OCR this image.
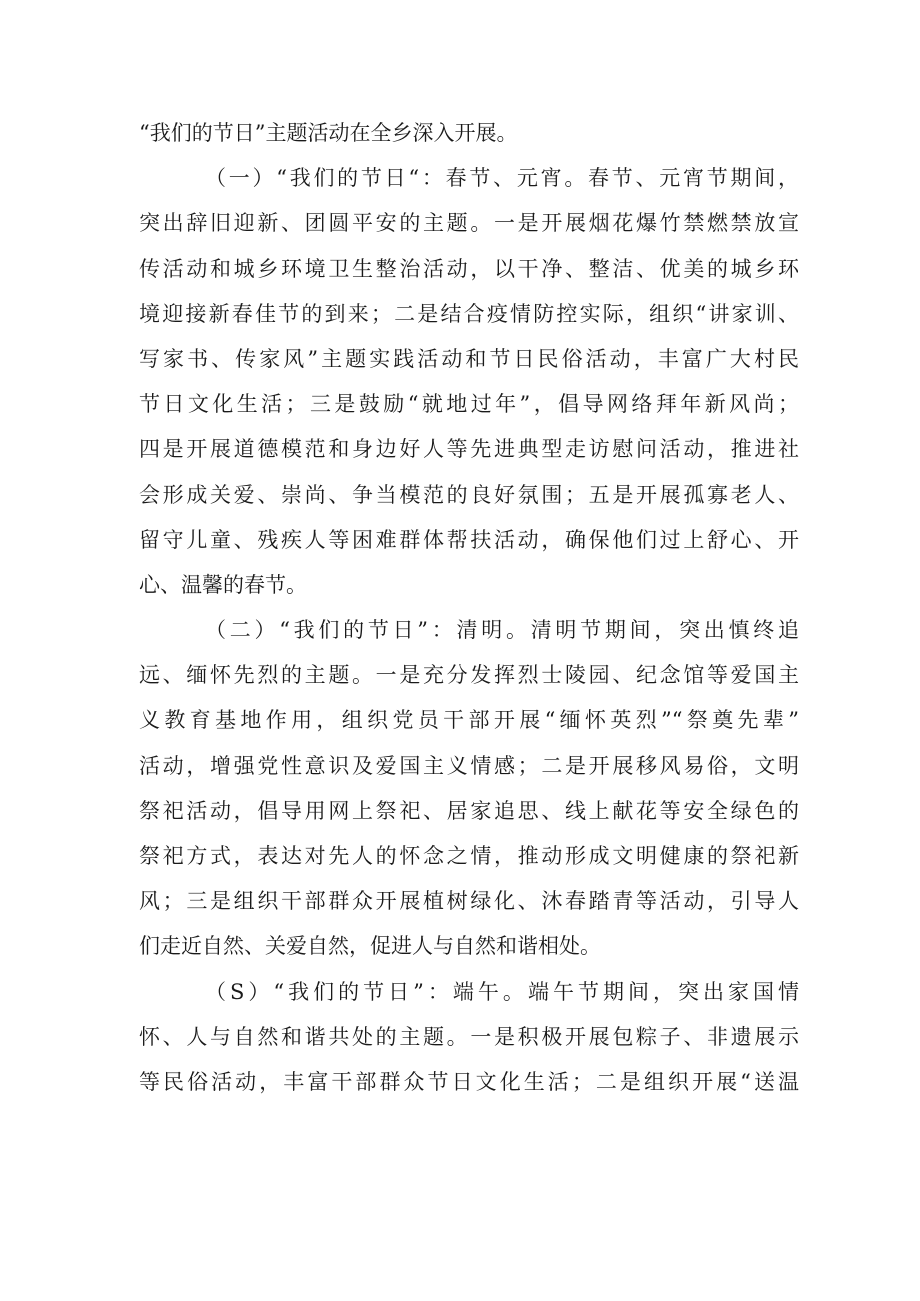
“我们的节日”主题活动在全乡深入开展。
（一）“我们的节日“：春节、元宵。春节、元宵节期间，
突出辞旧迎新、团圆平安的主题。一是开展烟花爆竹禁燃禁放宣
传活动和城乡环境卫生整治活动，以干净、整洁、优美的城乡环
境迎接新春佳节的到来；二是结合疫情防控实际，组织“讲家训、
写家书、传家风”主题实践活动和节日民俗活动，丰富广大村民
节日文化生活；三是鼓励“就地过年”，倡导网络拜年新风尚；
四是开展道德模范和身边好人等先进典型走访慰问活动，推进社
会形成关爱、崇尚、争当模范的良好氛围；五是开展孤寡老人、
留守儿童、残疾人等困难群体帮扶活动，确保他们过上舒心、开
心、温馨的春节。
（二）“我们的节日”：清明。清明节期间，突出慎终追
远、缅怀先烈的主题。一是充分发挥烈士陵园、纪念馆等爱国主
义教育基地作用，组织党员干部开展“缅怀英烈”“祭奠先辈”
活动，增强党性意识及爱国主义情感；二是开展移风易俗，文明
祭祀活动，倡导用网上祭祀、居家追思、线上献花等安全绿色的
祭祀方式，表达对先人的怀念之情，推动形成文明健康的祭祀新
风；三是组织干部群众开展植树绿化、沐春踏青等活动，引导人
们走近自然、关爱自然，促进人与自然和谐相处。
（S）“我们的节日”：端午。端午节期间，突出家国情
怀、人与自然和谐共处的主题。一是积极开展包粽子、非遗展示
等民俗活动，丰富干部群众节日文化生活；二是组织开展“送温
